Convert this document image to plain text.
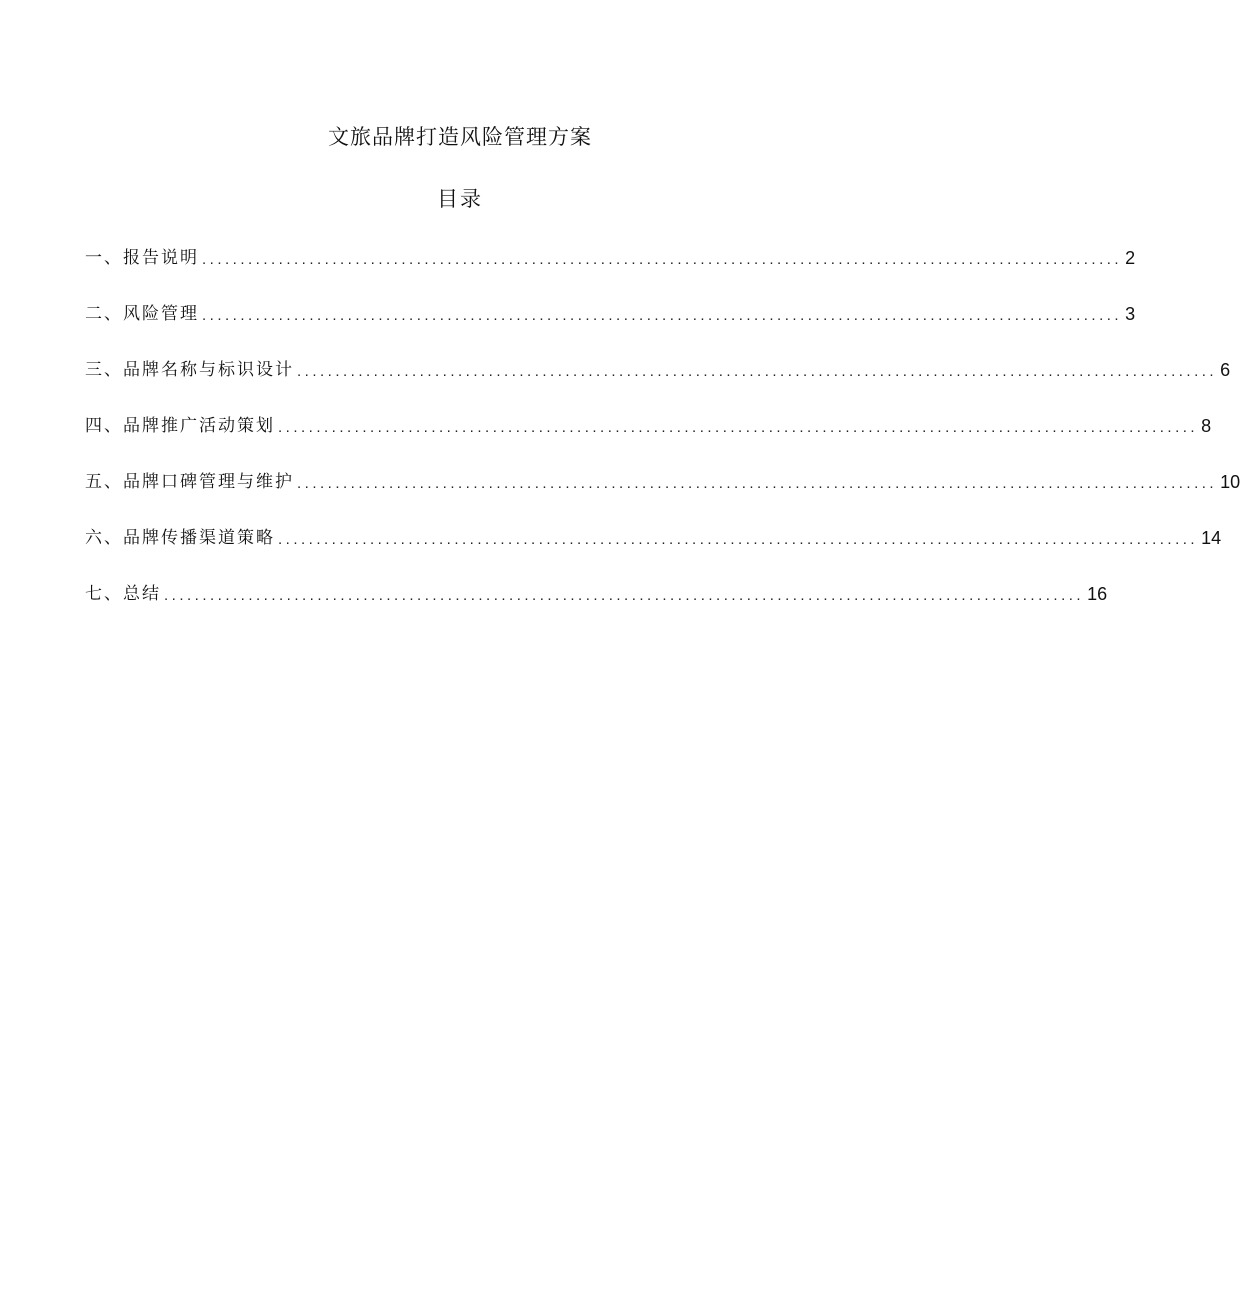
文旅品牌打造风险管理方案
目录
一、报告说明 ........................................................................................................................ 2
二、风险管理 ........................................................................................................................ 3
三、品牌名称与标识设计 ........................................................................................................................ 6
四、品牌推广活动策划 ........................................................................................................................ 8
五、品牌口碑管理与维护 ........................................................................................................................ 10
六、品牌传播渠道策略 ........................................................................................................................ 14
七、总结 ........................................................................................................................ 16
